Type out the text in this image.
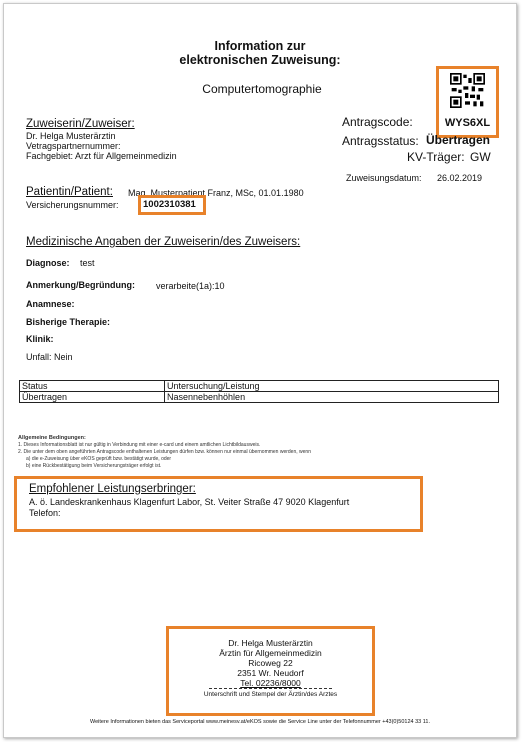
Information zur
elektronischen Zuweisung:
Computertomographie
WYS6XL
Antragscode:
Antragsstatus: Übertragen
KV-Träger: GW
Zuweisungsdatum: 26.02.2019
Zuweiserin/Zuweiser:
Dr. Helga Musterärztin
Vetragspartnernummer:
Fachgebiet: Arzt für Allgemeinmedizin
Patientin/Patient: Mag. Musterpatient Franz, MSc, 01.01.1980
Versicherungsnummer:	1002310381
Medizinische Angaben der Zuweiserin/des Zuweisers:
Diagnose: test
Anmerkung/Begründung: verarbeite(1a):10
Anamnese:
Bisherige Therapie:
Klinik:
Unfall: Nein
Status	Untersuchung/Leistung
Übertragen	Nasennebenhöhlen
Allgemeine Bedingungen:
1. Dieses Informationsblatt ist nur gültig in Verbindung mit einer e-card und einem amtlichen Lichtbildausweis.
2. Die unter dem oben angeführten Antragscode enthaltenen Leistungen dürfen bzw. können nur einmal übernommen werden, wenn
a) die e-Zuweisung über eKOS geprüft bzw. bestätigt wurde, oder
b) eine Rückbestätigung beim Versicherungsträger erfolgt ist.
Empfohlener Leistungserbringer:
A. ö. Landeskrankenhaus Klagenfurt Labor, St. Veiter Straße 47 9020 Klagenfurt
Telefon:
Dr. Helga Musterärztin
Ärztin für Allgemeinmedizin
Ricoweg 22
2351 Wr. Neudorf
Tel. 02236/8000
Unterschrift und Stempel der Ärztin/des Arztes
Weitere Informationen bieten das Serviceportal www.meinesv.at/eKOS sowie die Service Line unter der Telefonnummer +43(0)50124 33 11.
